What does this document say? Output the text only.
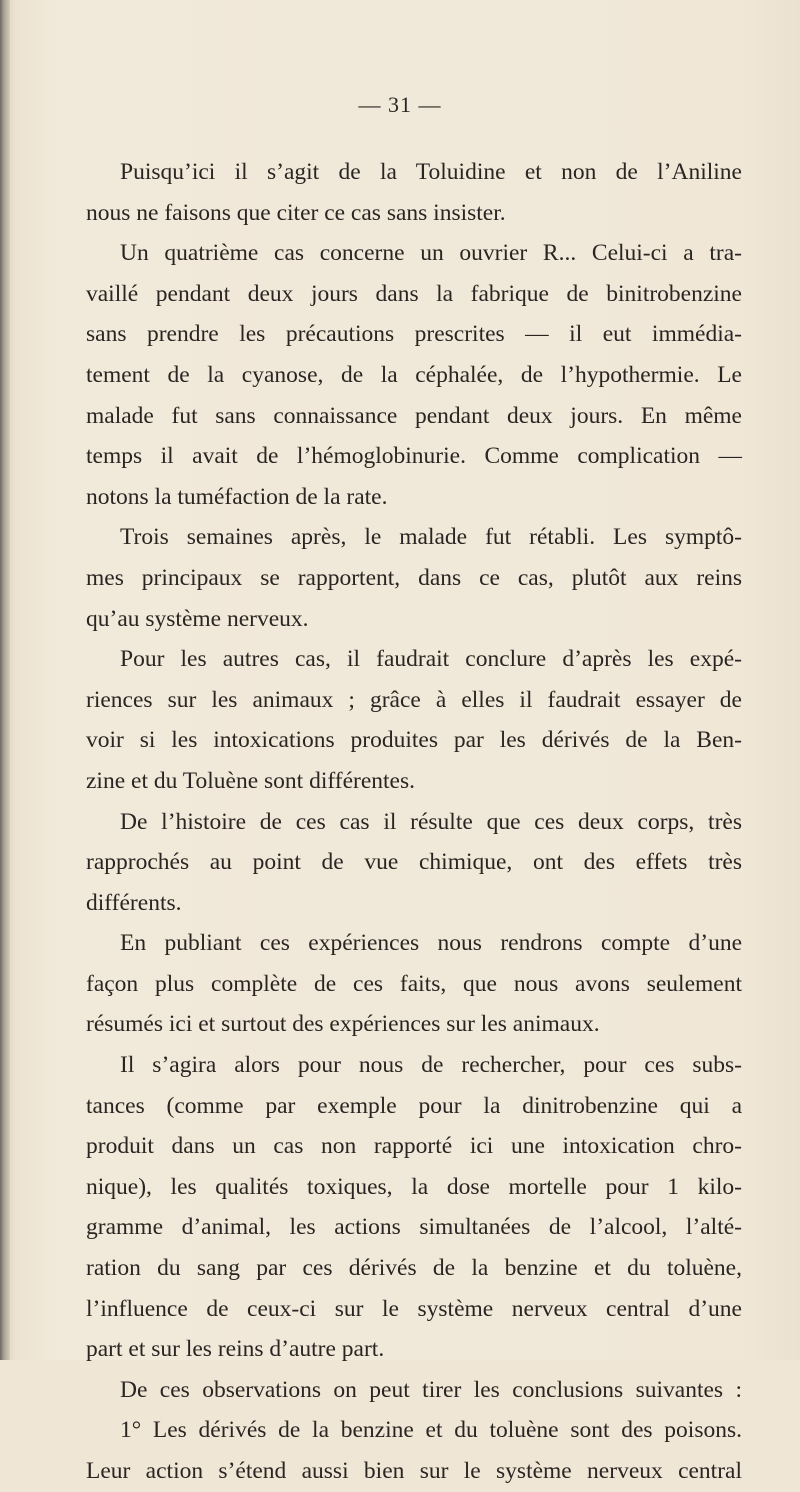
— 31 —
Puisqu’ici il s’agit de la Toluidine et non de l’Aniline
nous ne faisons que citer ce cas sans insister.
Un quatrième cas concerne un ouvrier R... Celui-ci a tra-
vaillé pendant deux jours dans la fabrique de binitrobenzine
sans prendre les précautions prescrites — il eut immédia-
tement de la cyanose, de la céphalée, de l’hypothermie. Le
malade fut sans connaissance pendant deux jours. En même
temps il avait de l’hémoglobinurie. Comme complication —
notons la tuméfaction de la rate.
Trois semaines après, le malade fut rétabli. Les symptô-
mes principaux se rapportent, dans ce cas, plutôt aux reins
qu’au système nerveux.
Pour les autres cas, il faudrait conclure d’après les expé-
riences sur les animaux ; grâce à elles il faudrait essayer de
voir si les intoxications produites par les dérivés de la Ben-
zine et du Toluène sont différentes.
De l’histoire de ces cas il résulte que ces deux corps, très
rapprochés au point de vue chimique, ont des effets très
différents.
En publiant ces expériences nous rendrons compte d’une
façon plus complète de ces faits, que nous avons seulement
résumés ici et surtout des expériences sur les animaux.
Il s’agira alors pour nous de rechercher, pour ces subs-
tances (comme par exemple pour la dinitrobenzine qui a
produit dans un cas non rapporté ici une intoxication chro-
nique), les qualités toxiques, la dose mortelle pour 1 kilo-
gramme d’animal, les actions simultanées de l’alcool, l’alté-
ration du sang par ces dérivés de la benzine et du toluène,
l’influence de ceux-ci sur le système nerveux central d’une
part et sur les reins d’autre part.
De ces observations on peut tirer les conclusions suivantes :
1° Les dérivés de la benzine et du toluène sont des poisons.
Leur action s’étend aussi bien sur le système nerveux central
